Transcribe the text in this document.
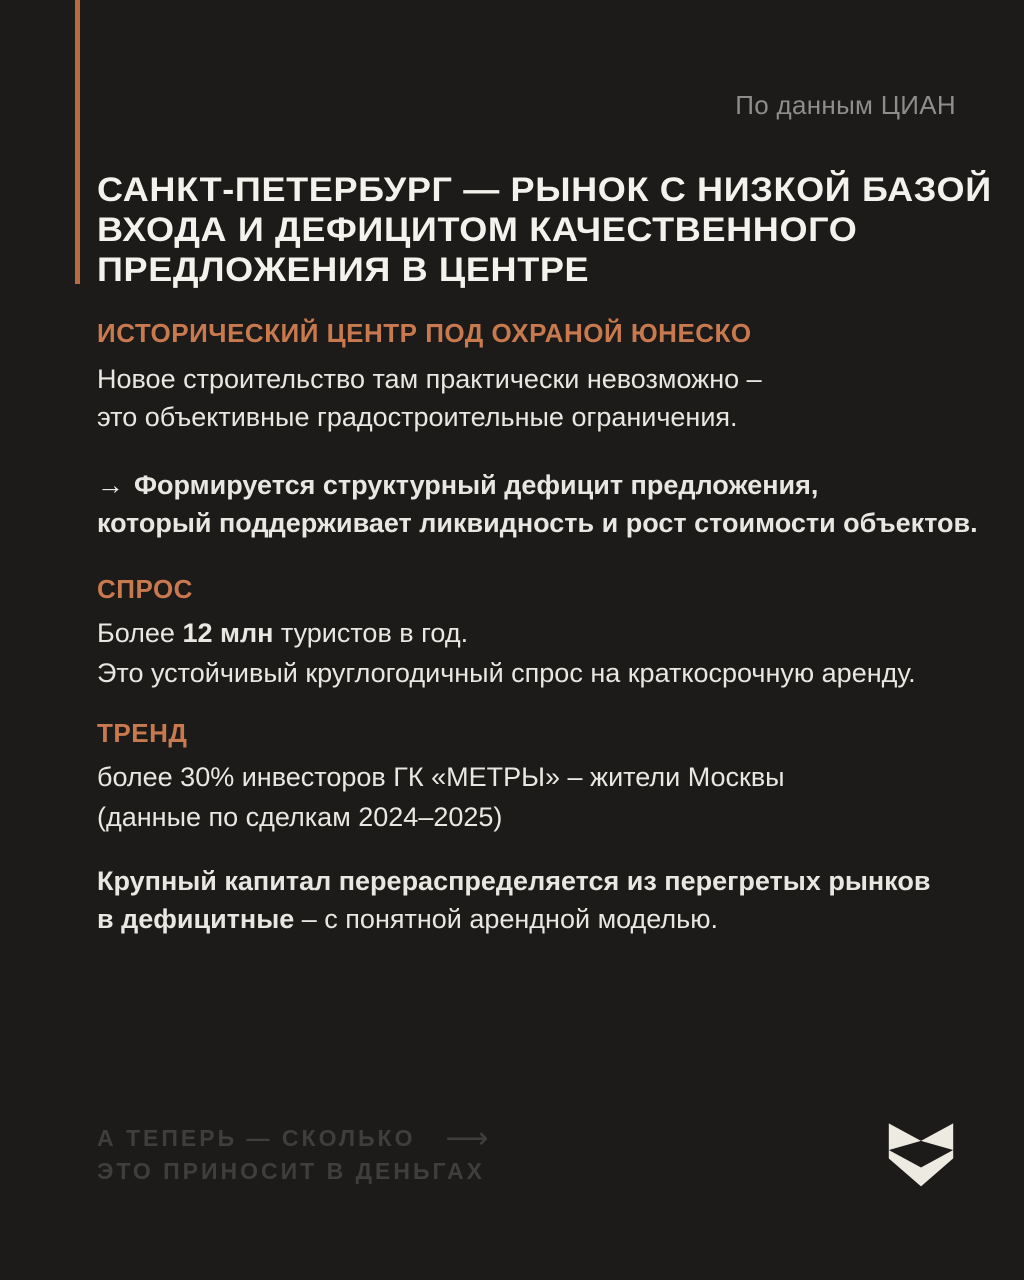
По данным ЦИАН
САНКТ-ПЕТЕРБУРГ — РЫНОК С НИЗКОЙ БАЗОЙ
ВХОДА И ДЕФИЦИТОМ КАЧЕСТВЕННОГО
ПРЕДЛОЖЕНИЯ В ЦЕНТРЕ
ИСТОРИЧЕСКИЙ ЦЕНТР ПОД ОХРАНОЙ ЮНЕСКО
Новое строительство там практически невозможно –
это объективные градостроительные ограничения.
→ Формируется структурный дефицит предложения,
который поддерживает ликвидность и рост стоимости объектов.
СПРОС
Более 12 млн туристов в год.
Это устойчивый круглогодичный спрос на краткосрочную аренду.
ТРЕНД
более 30% инвесторов ГК «МЕТРЫ» – жители Москвы
(данные по сделкам 2024–2025)
Крупный капитал перераспределяется из перегретых рынков
в дефицитные – с понятной арендной моделью.
А ТЕПЕРЬ — СКОЛЬКО ⟶
ЭТО ПРИНОСИТ В ДЕНЬГАХ
